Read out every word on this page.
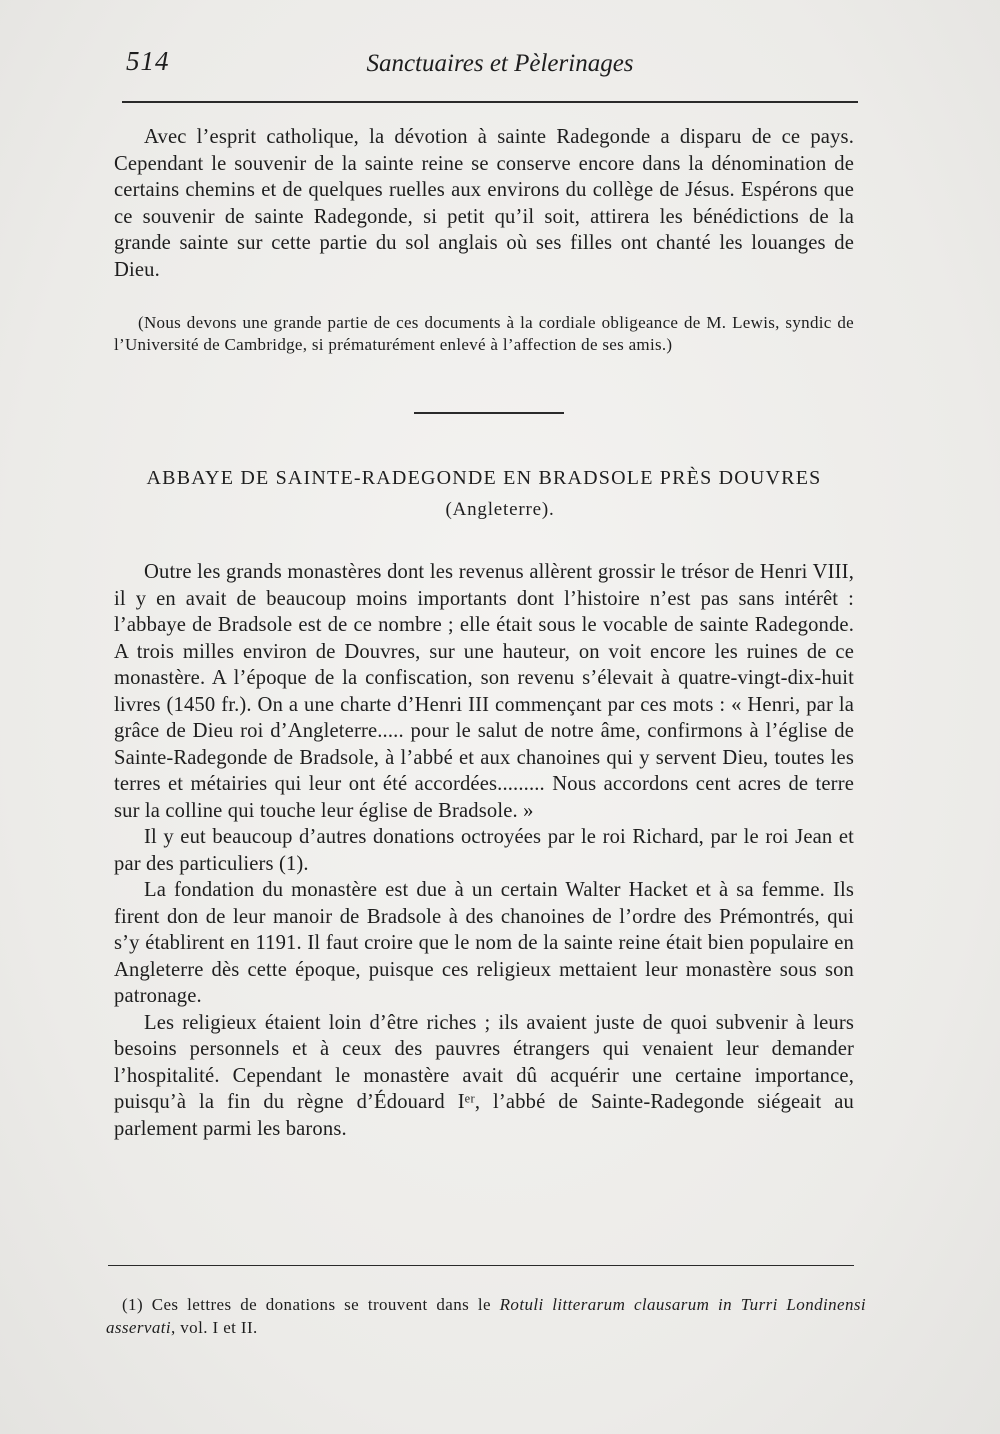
514	Sanctuaires et Pèlerinages

Avec l’esprit catholique, la dévotion à sainte Radegonde a disparu de ce pays. Cependant le souvenir de la sainte reine se conserve encore dans la dénomination de certains chemins et de quelques ruelles aux environs du collège de Jésus. Espérons que ce souvenir de sainte Radegonde, si petit qu’il soit, attirera les bénédictions de la grande sainte sur cette partie du sol anglais où ses filles ont chanté les louanges de Dieu.

(Nous devons une grande partie de ces documents à la cordiale obligeance de M. Lewis, syndic de l’Université de Cambridge, si prématurément enlevé à l’affection de ses amis.)

ABBAYE DE SAINTE-RADEGONDE EN BRADSOLE PRÈS DOUVRES
(Angleterre).

Outre les grands monastères dont les revenus allèrent grossir le trésor de Henri VIII, il y en avait de beaucoup moins importants dont l’histoire n’est pas sans intérêt : l’abbaye de Bradsole est de ce nombre ; elle était sous le vocable de sainte Radegonde. A trois milles environ de Douvres, sur une hauteur, on voit encore les ruines de ce monastère. A l’époque de la confiscation, son revenu s’élevait à quatre-vingt-dix-huit livres (1450 fr.). On a une charte d’Henri III commençant par ces mots : « Henri, par la grâce de Dieu roi d’Angleterre..... pour le salut de notre âme, confirmons à l’église de Sainte-Radegonde de Bradsole, à l’abbé et aux chanoines qui y servent Dieu, toutes les terres et métairies qui leur ont été accordées......... Nous accordons cent acres de terre sur la colline qui touche leur église de Bradsole. »

Il y eut beaucoup d’autres donations octroyées par le roi Richard, par le roi Jean et par des particuliers (1).

La fondation du monastère est due à un certain Walter Hacket et à sa femme. Ils firent don de leur manoir de Bradsole à des chanoines de l’ordre des Prémontrés, qui s’y établirent en 1191. Il faut croire que le nom de la sainte reine était bien populaire en Angleterre dès cette époque, puisque ces religieux mettaient leur monastère sous son patronage.

Les religieux étaient loin d’être riches ; ils avaient juste de quoi subvenir à leurs besoins personnels et à ceux des pauvres étrangers qui venaient leur demander l’hospitalité. Cependant le monastère avait dû acquérir une certaine importance, puisqu’à la fin du règne d’Édouard Iᵉʳ, l’abbé de Sainte-Radegonde siégeait au parlement parmi les barons.

(1) Ces lettres de donations se trouvent dans le Rotuli litterarum clausarum in Turri Londinensi asservati, vol. I et II.
